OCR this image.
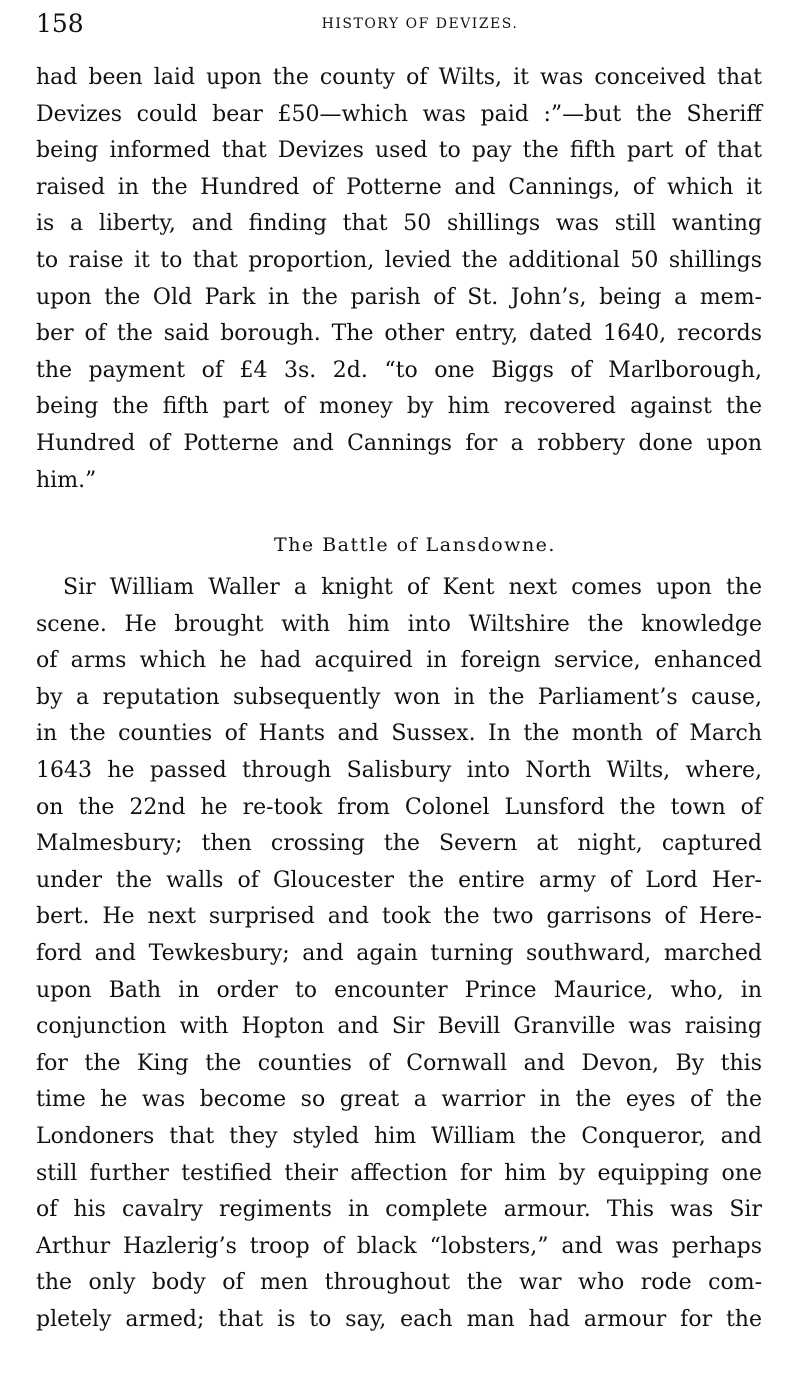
158	HISTORY OF DEVIZES.
had been laid upon the county of Wilts, it was conceived that
Devizes could bear £50—which was paid :”—but the Sheriff
being informed that Devizes used to pay the fifth part of that
raised in the Hundred of Potterne and Cannings, of which it
is a liberty, and finding that 50 shillings was still wanting
to raise it to that proportion, levied the additional 50 shillings
upon the Old Park in the parish of St. John’s, being a mem-
ber of the said borough. The other entry, dated 1640, records
the payment of £4 3s. 2d. “to one Biggs of Marlborough,
being the fifth part of money by him recovered against the
Hundred of Potterne and Cannings for a robbery done upon
him.”
The Battle of Lansdowne.
Sir William Waller a knight of Kent next comes upon the
scene. He brought with him into Wiltshire the knowledge
of arms which he had acquired in foreign service, enhanced
by a reputation subsequently won in the Parliament’s cause,
in the counties of Hants and Sussex. In the month of March
1643 he passed through Salisbury into North Wilts, where,
on the 22nd he re-took from Colonel Lunsford the town of
Malmesbury; then crossing the Severn at night, captured
under the walls of Gloucester the entire army of Lord Her-
bert. He next surprised and took the two garrisons of Here-
ford and Tewkesbury; and again turning southward, marched
upon Bath in order to encounter Prince Maurice, who, in
conjunction with Hopton and Sir Bevill Granville was raising
for the King the counties of Cornwall and Devon, By this
time he was become so great a warrior in the eyes of the
Londoners that they styled him William the Conqueror, and
still further testified their affection for him by equipping one
of his cavalry regiments in complete armour. This was Sir
Arthur Hazlerig’s troop of black “lobsters,” and was perhaps
the only body of men throughout the war who rode com-
pletely armed; that is to say, each man had armour for the
